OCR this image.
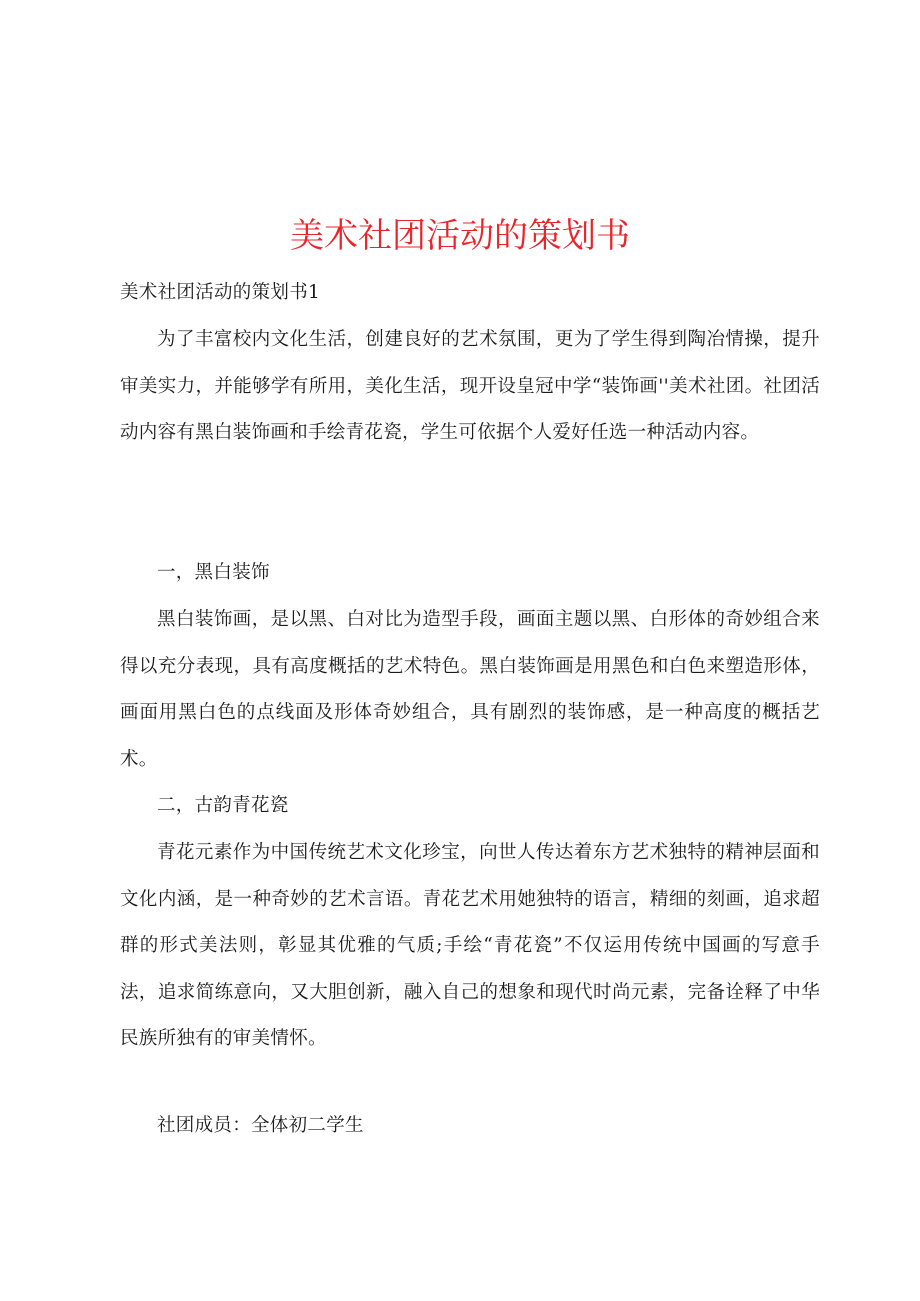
美术社团活动的策划书

美术社团活动的策划书1

为了丰富校内文化生活，创建良好的艺术氛围，更为了学生得到陶冶情操，提升审美实力，并能够学有所用，美化生活，现开设皇冠中学“装饰画''美术社团。社团活动内容有黑白装饰画和手绘青花瓷，学生可依据个人爱好任选一种活动内容。

一，黑白装饰

黑白装饰画，是以黑、白对比为造型手段，画面主题以黑、白形体的奇妙组合来得以充分表现，具有高度概括的艺术特色。黑白装饰画是用黑色和白色来塑造形体，画面用黑白色的点线面及形体奇妙组合，具有剧烈的装饰感，是一种高度的概括艺术。

二，古韵青花瓷

青花元素作为中国传统艺术文化珍宝，向世人传达着东方艺术独特的精神层面和文化内涵，是一种奇妙的艺术言语。青花艺术用她独特的语言，精细的刻画，追求超群的形式美法则，彰显其优雅的气质;手绘“青花瓷”不仅运用传统中国画的写意手法，追求简练意向，又大胆创新，融入自己的想象和现代时尚元素，完备诠释了中华民族所独有的审美情怀。

社团成员：全体初二学生
